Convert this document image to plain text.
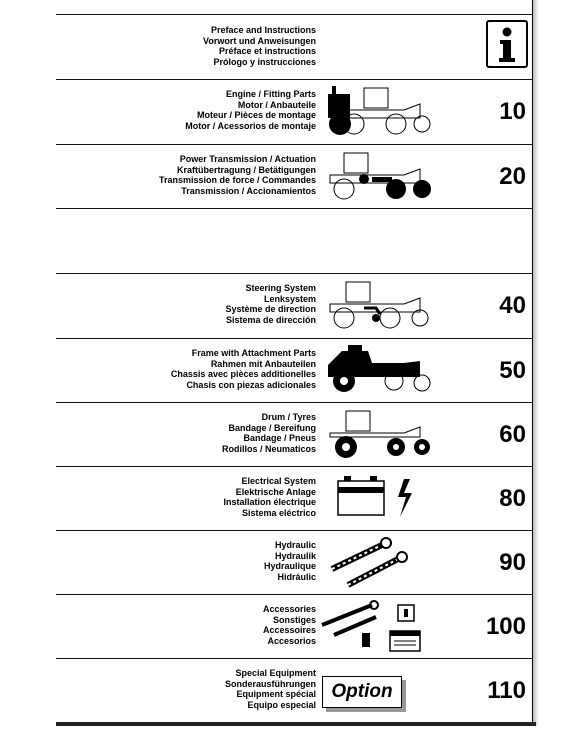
Preface and Instructions
Vorwort und Anweisungen
Préface et instructions
Prólogo y instrucciones
Engine / Fitting Parts
Motor / Anbauteile
Moteur / Pièces de montage
Motor / Acessorios de montaje
10
Power Transmission / Actuation
Kraftübertragung / Betätigungen
Transmission de force / Commandes
Transmission / Accionamientos
20
Steering System
Lenksystem
Système de direction
Sistema de dirección
40
Frame with Attachment Parts
Rahmen mit Anbauteilen
Chassis avec pièces additionelles
Chasis con piezas adicionales
50
Drum / Tyres
Bandage / Bereifung
Bandage / Pneus
Rodillos / Neumaticos
60
Electrical System
Elektrische Anlage
Installation électrique
Sistema eléctrico
80
Hydraulic
Hydraulik
Hydraulique
Hidráulic
90
Accessories
Sonstiges
Accessoires
Accesorios
100
Special Equipment
Sonderausführungen
Equipment spécial
Equipo especial
110
Option
